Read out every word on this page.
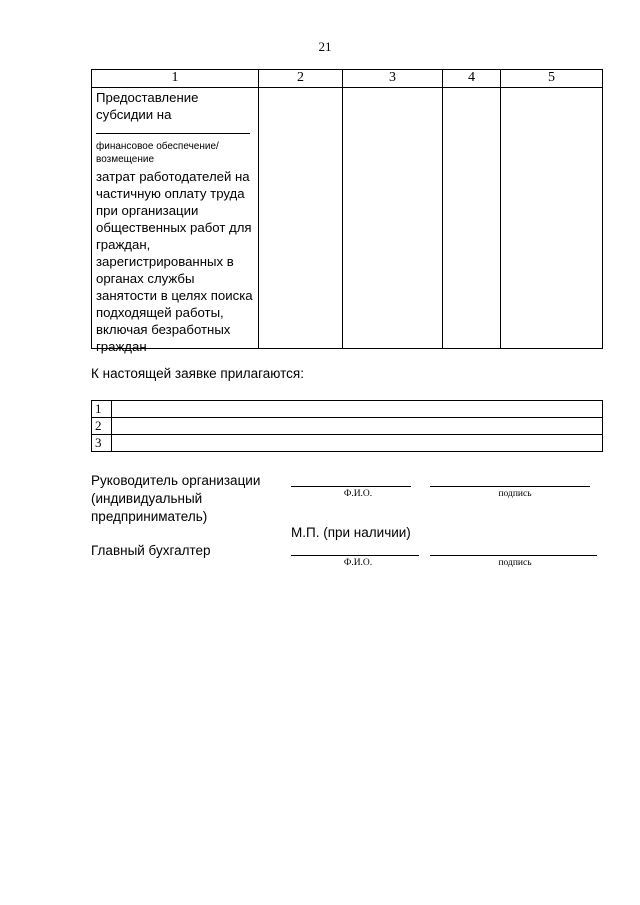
21
1	2	3	4	5

Предоставление
субсидии на
финансовое обеспечение/ возмещение
затрат работодателей на частичную оплату труда при организации общественных работ для граждан, зарегистрированных в органах службы занятости в целях поиска подходящей работы, включая безработных граждан				

К настоящей заявке прилагаются:
1	
2	
3	
Руководитель организации (индивидуальный предприниматель)
Ф.И.О.	подпись
М.П. (при наличии)
Главный бухгалтер
Ф.И.О.	подпись
